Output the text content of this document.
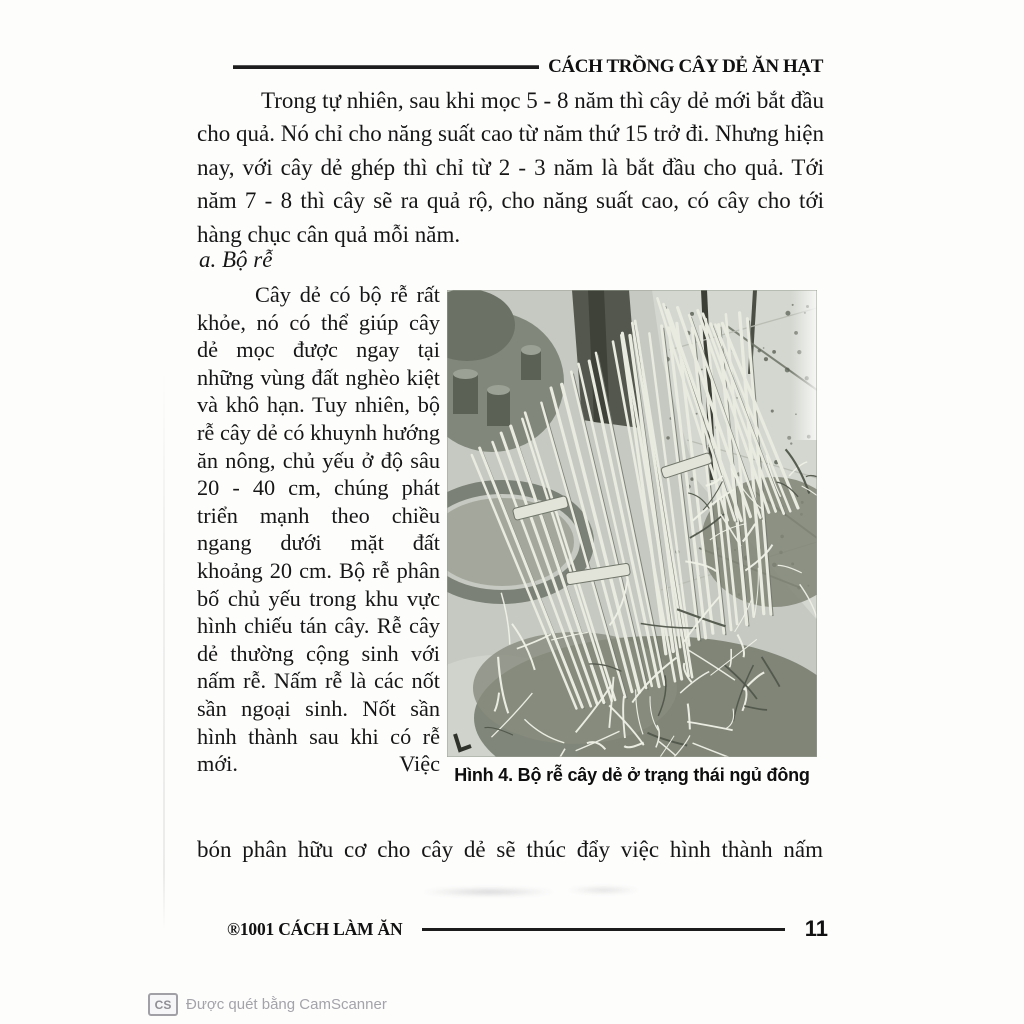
CÁCH TRỒNG CÂY DẺ ĂN HẠT
Trong tự nhiên, sau khi mọc 5 - 8 năm thì cây dẻ mới bắt đầu cho quả. Nó chỉ cho năng suất cao từ năm thứ 15 trở đi. Nhưng hiện nay, với cây dẻ ghép thì chỉ từ 2 - 3 năm là bắt đầu cho quả. Tới năm 7 - 8 thì cây sẽ ra quả rộ, cho năng suất cao, có cây cho tới hàng chục cân quả mỗi năm.
a. Bộ rễ
Cây dẻ có bộ rễ rất khỏe, nó có thể giúp cây dẻ mọc được ngay tại những vùng đất nghèo kiệt và khô hạn. Tuy nhiên, bộ rễ cây dẻ có khuynh hướng ăn nông, chủ yếu ở độ sâu 20 - 40 cm, chúng phát triển mạnh theo chiều ngang dưới mặt đất khoảng 20 cm. Bộ rễ phân bố chủ yếu trong khu vực hình chiếu tán cây. Rễ cây dẻ thường cộng sinh với nấm rễ. Nấm rễ là các nốt sần ngoại sinh. Nốt sần hình thành sau khi có rễ mới. Việc Hình 4. Bộ rễ cây dẻ ở trạng thái ngủ đông
bón phân hữu cơ cho cây dẻ sẽ thúc đẩy việc hình thành nấm
®1001 CÁCH LÀM ĂN	11
CS Được quét bằng CamScanner
